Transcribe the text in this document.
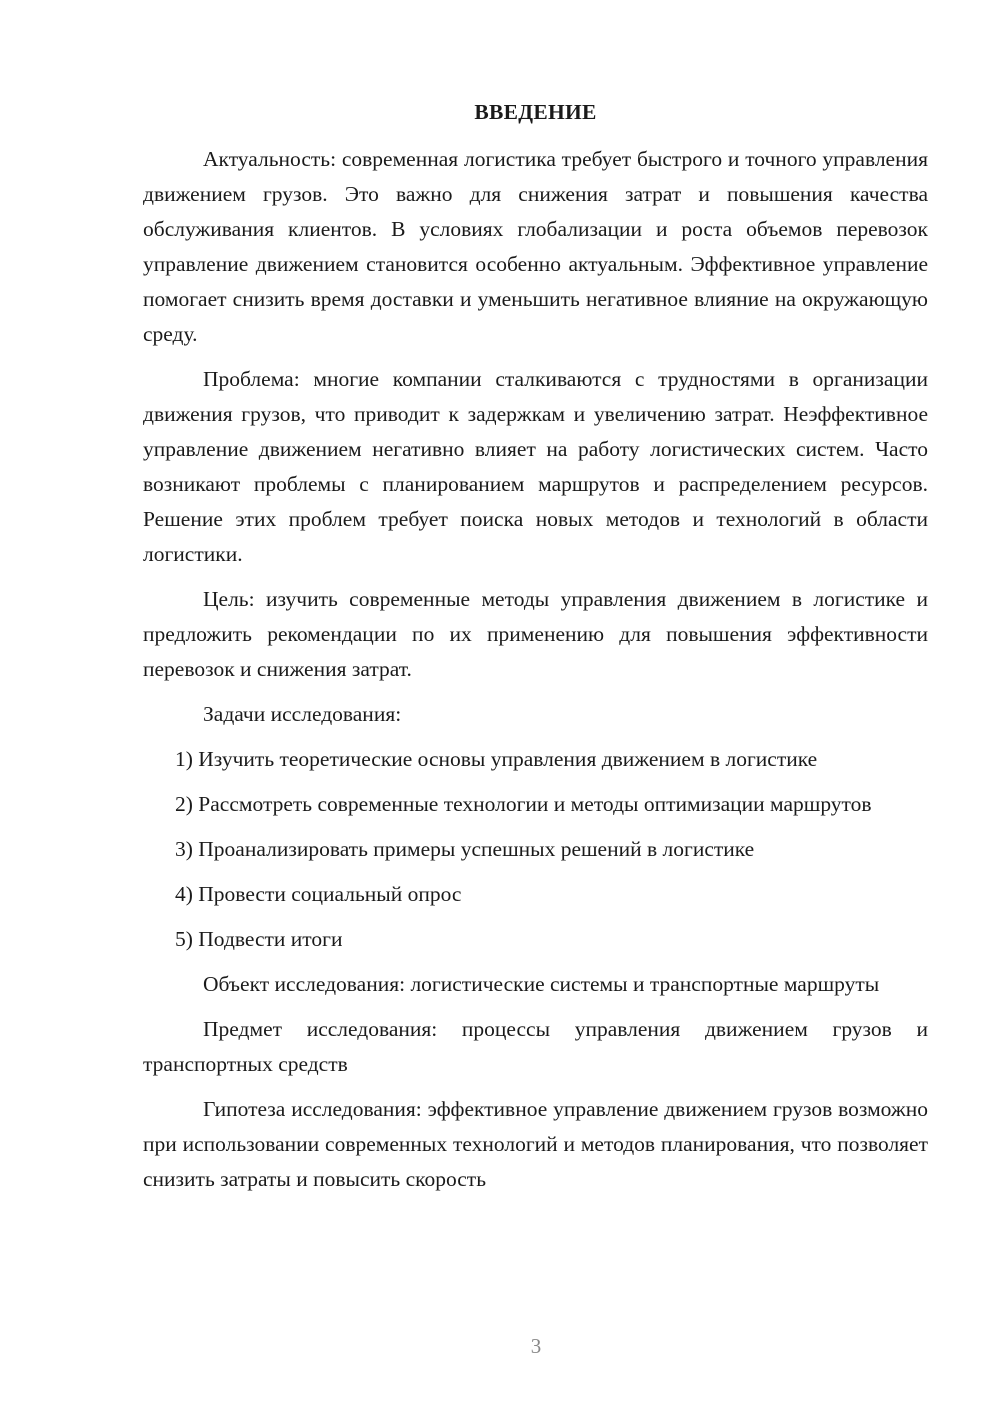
ВВЕДЕНИЕ

Актуальность: современная логистика требует быстрого и точного управления движением грузов. Это важно для снижения затрат и повышения качества обслуживания клиентов. В условиях глобализации и роста объемов перевозок управление движением становится особенно актуальным. Эффективное управление помогает снизить время доставки и уменьшить негативное влияние на окружающую среду.

Проблема: многие компании сталкиваются с трудностями в организации движения грузов, что приводит к задержкам и увеличению затрат. Неэффективное управление движением негативно влияет на работу логистических систем. Часто возникают проблемы с планированием маршрутов и распределением ресурсов. Решение этих проблем требует поиска новых методов и технологий в области логистики.

Цель: изучить современные методы управления движением в логистике и предложить рекомендации по их применению для повышения эффективности перевозок и снижения затрат.

Задачи исследования:

1) Изучить теоретические основы управления движением в логистике

2) Рассмотреть современные технологии и методы оптимизации маршрутов

3) Проанализировать примеры успешных решений в логистике

4) Провести социальный опрос

5) Подвести итоги

Объект исследования: логистические системы и транспортные маршруты

Предмет исследования: процессы управления движением грузов и транспортных средств

Гипотеза исследования: эффективное управление движением грузов возможно при использовании современных технологий и методов планирования, что позволяет снизить затраты и повысить скорость

3
